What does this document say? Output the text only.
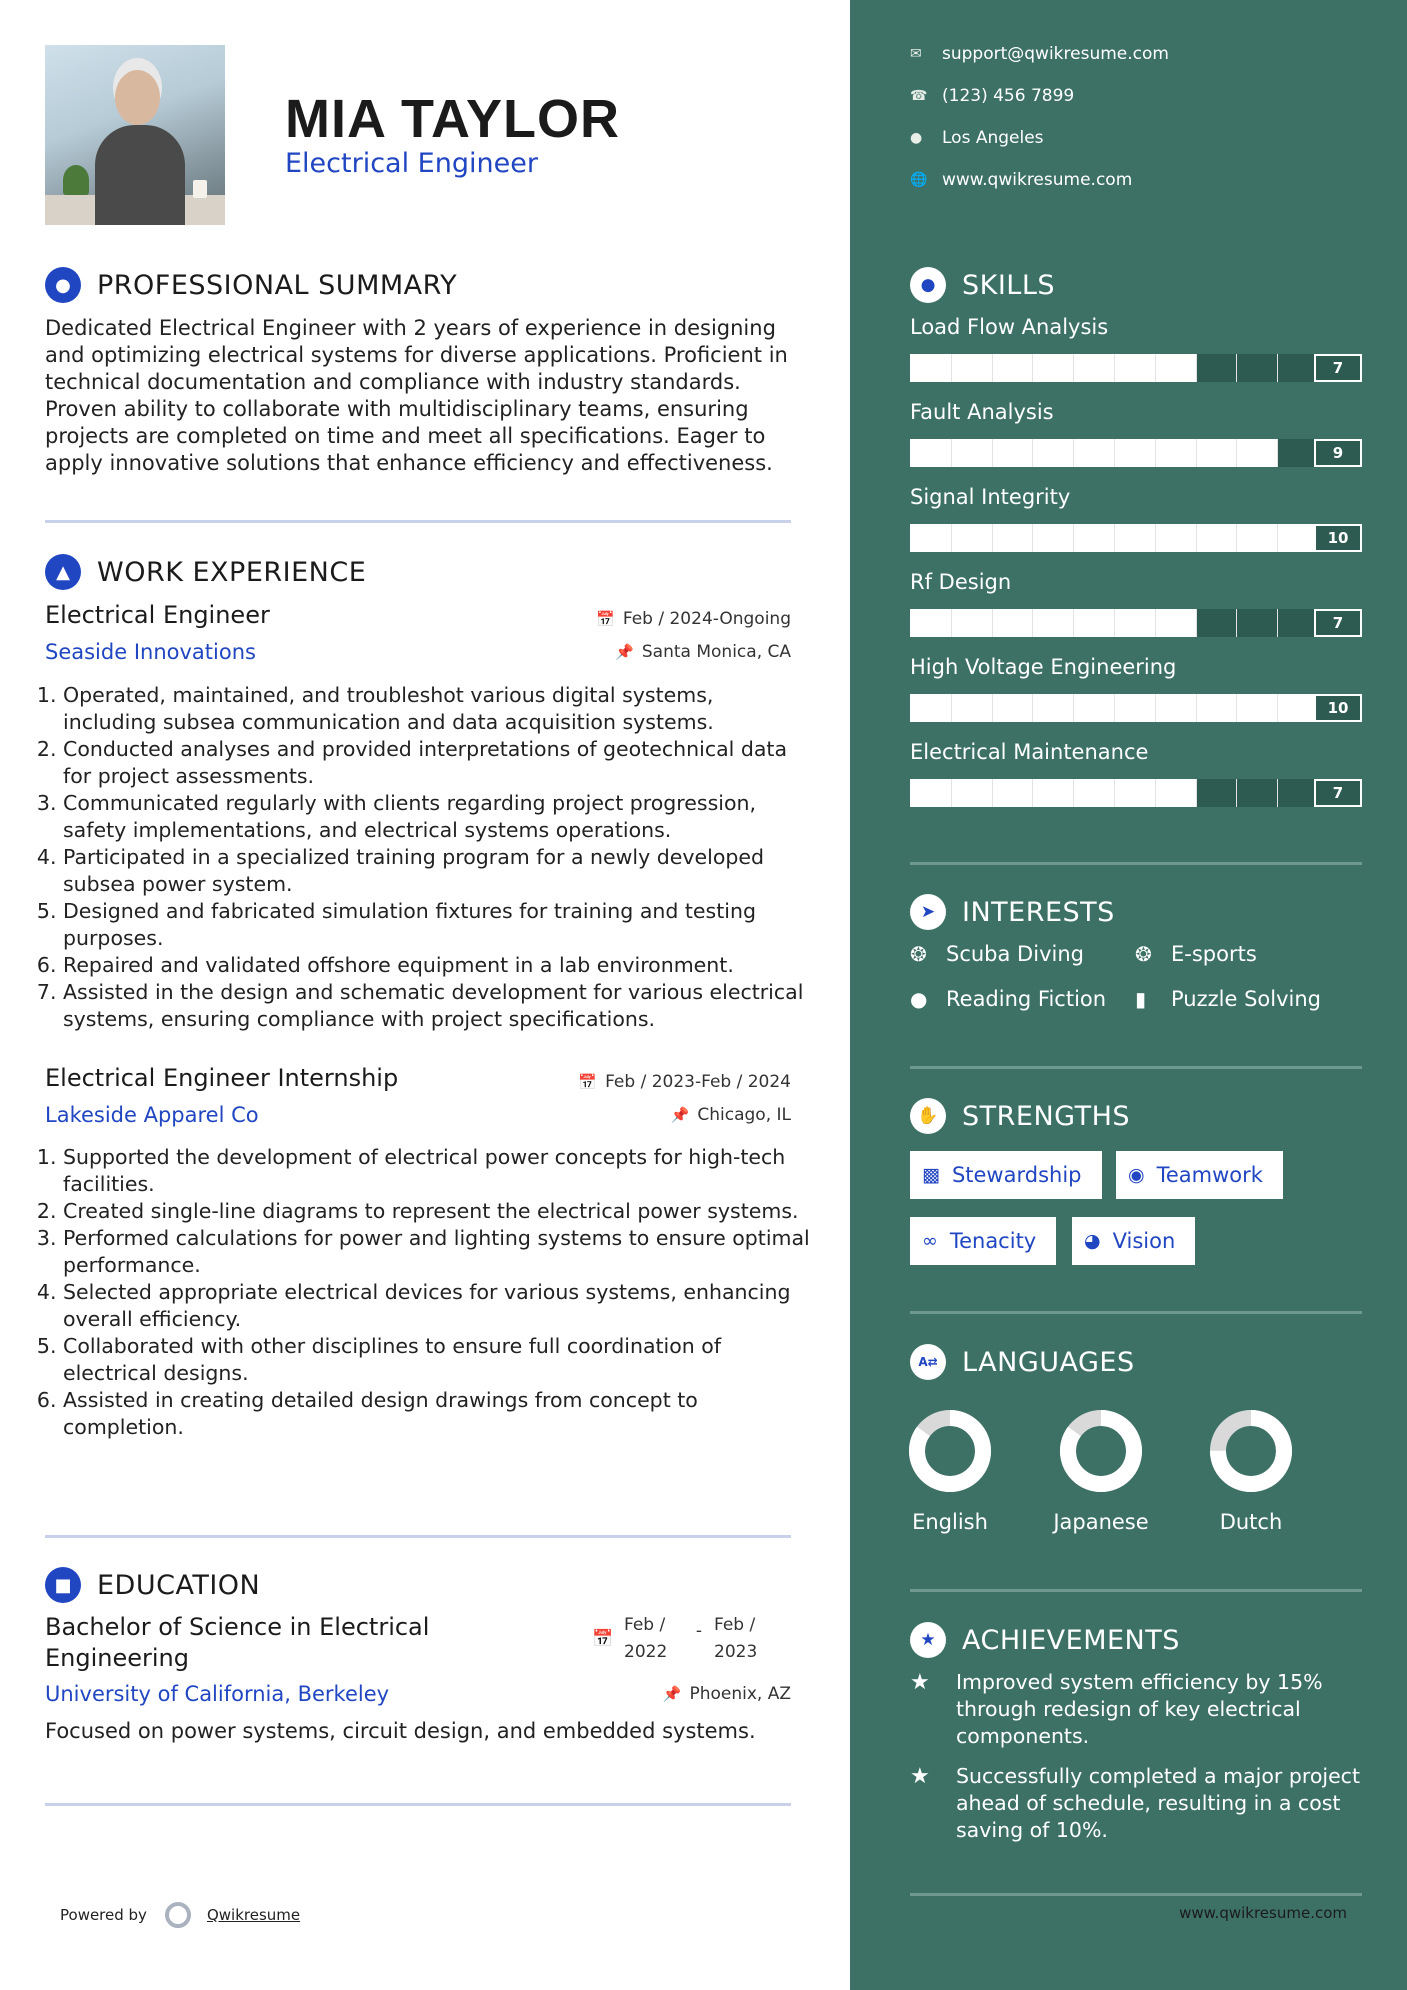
MIA TAYLOR
Electrical Engineer
● PROFESSIONAL SUMMARY
Dedicated Electrical Engineer with 2 years of experience in designing and optimizing electrical systems for diverse applications. Proficient in technical documentation and compliance with industry standards. Proven ability to collaborate with multidisciplinary teams, ensuring projects are completed on time and meet all specifications. Eager to apply innovative solutions that enhance efficiency and effectiveness.
▲	WORK EXPERIENCE
Electrical Engineer	📅 Feb / 2024-Ongoing
Seaside Innovations	📌 Santa Monica, CA
1. Operated, maintained, and troubleshot various digital systems, including subsea communication and data acquisition systems.
2. Conducted analyses and provided interpretations of geotechnical data for project assessments.
3. Communicated regularly with clients regarding project progression, safety implementations, and electrical systems operations.
4. Participated in a specialized training program for a newly developed subsea power system.
5. Designed and fabricated simulation fixtures for training and testing purposes.
6. Repaired and validated offshore equipment in a lab environment.
7. Assisted in the design and schematic development for various electrical systems, ensuring compliance with project specifications.
Electrical Engineer Internship	📅 Feb / 2023-Feb / 2024
Lakeside Apparel Co	📌 Chicago, IL
1. Supported the development of electrical power concepts for high-tech facilities.
2. Created single-line diagrams to represent the electrical power systems.
3. Performed calculations for power and lighting systems to ensure optimal performance.
4. Selected appropriate electrical devices for various systems, enhancing overall efficiency.
5. Collaborated with other disciplines to ensure full coordination of electrical designs.
6. Assisted in creating detailed design drawings from concept to completion.
■ EDUCATION
Bachelor of Science in Electrical Engineering
📅
Feb /
2022
- Feb /
2023
University of California, Berkeley	📌 Phoenix, AZ
Focused on power systems, circuit design, and embedded systems.
Powered by	Qwikresume
✉	support@qwikresume.com
☎ (123) 456 7899
●	Los Angeles
🌐 www.qwikresume.com
● SKILLS
Load Flow Analysis
7
Fault Analysis
9
Signal Integrity
10
Rf Design
7
High Voltage Engineering
10
Electrical Maintenance
7
➤ INTERESTS
❂ Scuba Diving	❂ E-sports
● Reading Fiction ▮	Puzzle Solving
✋ STRENGTHS
▩ Stewardship ◉ Teamwork
∞ Tenacity	◕ Vision
A⇄ LANGUAGES
English	Japanese	Dutch
★ ACHIEVEMENTS
★	Improved system efficiency by 15% through redesign of key electrical components.
★	Successfully completed a major project ahead of schedule, resulting in a cost saving of 10%.
www.qwikresume.com
